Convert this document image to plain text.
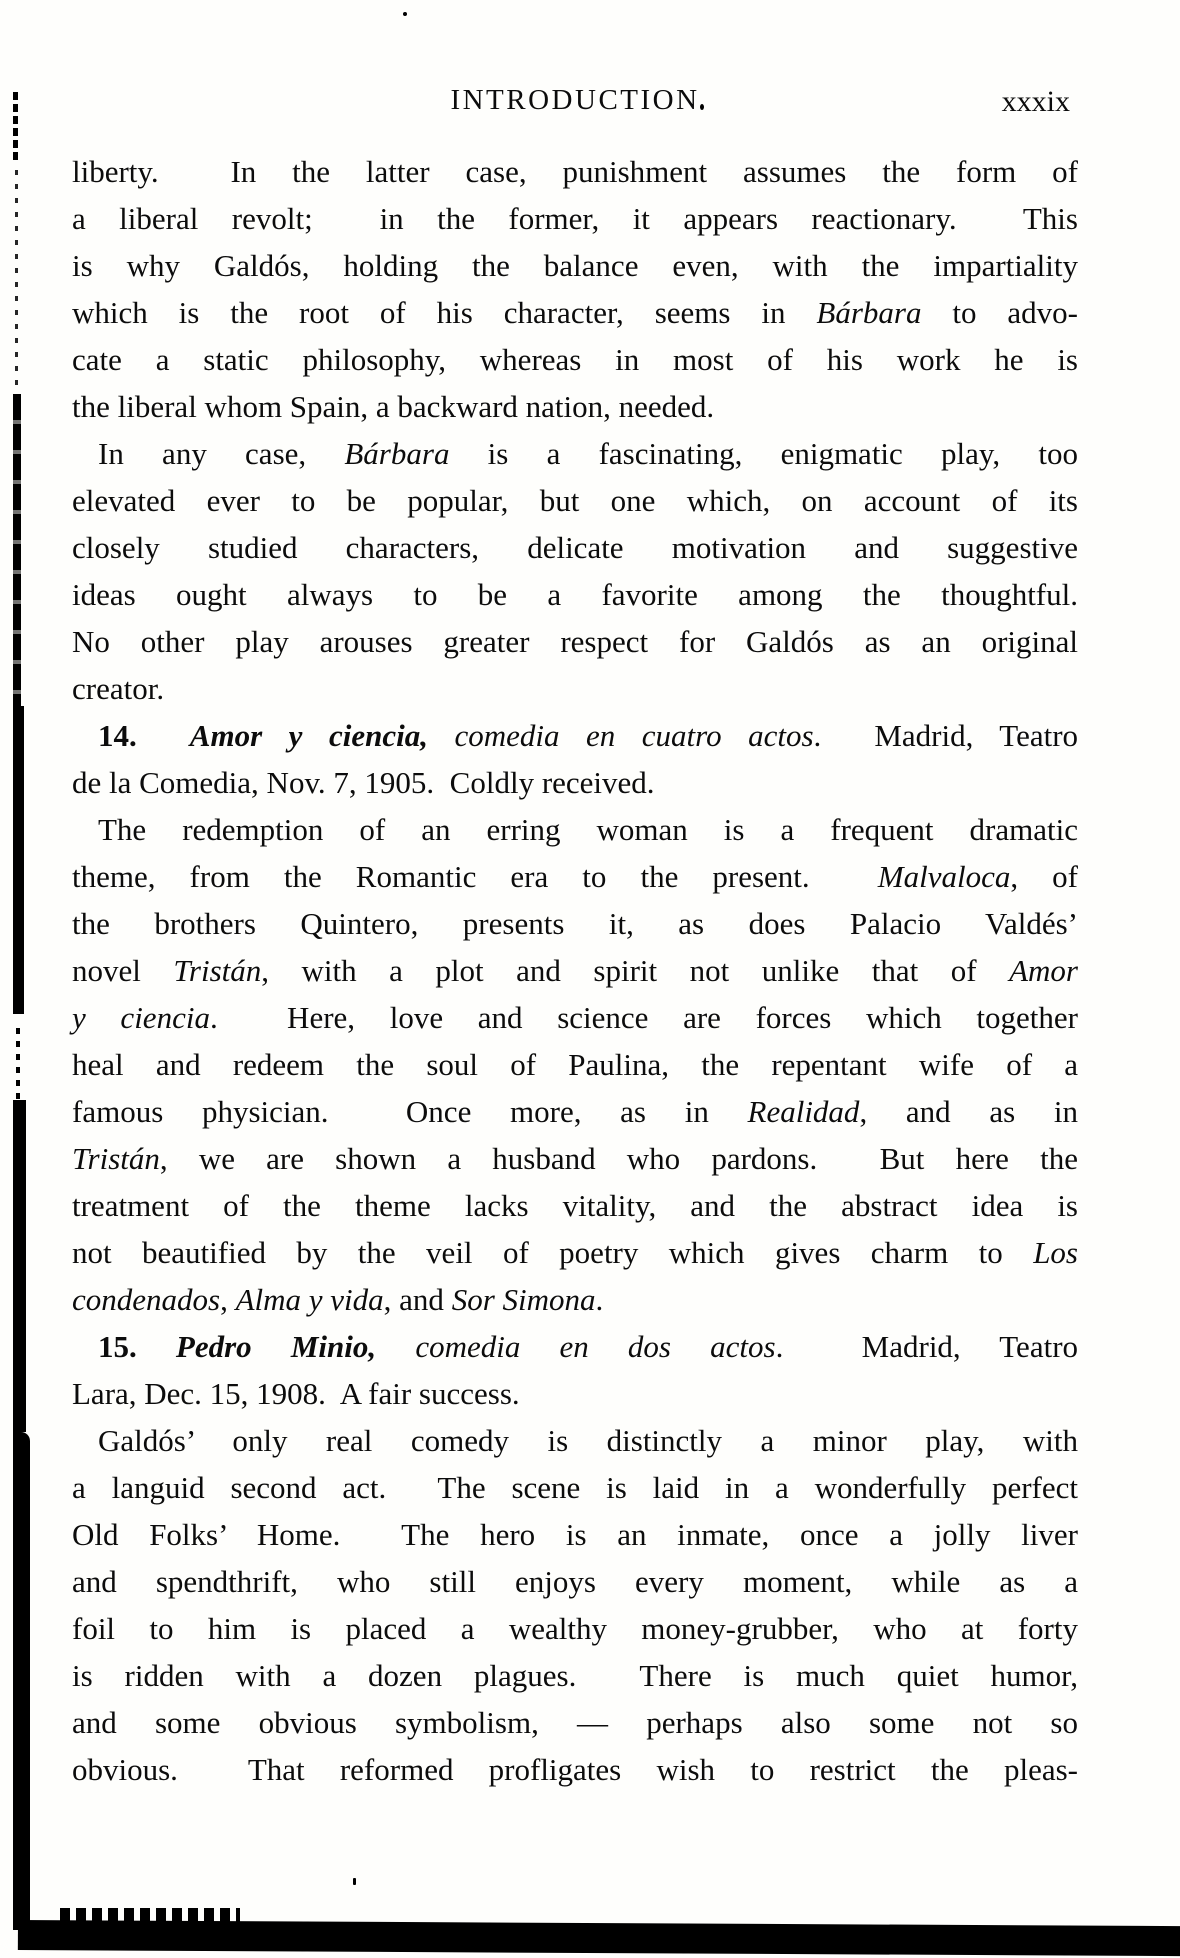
INTRODUCTION	xxxix
liberty.  In the latter case, punishment assumes the form of
a liberal revolt;  in the former, it appears reactionary.  This
is why Galdós, holding the balance even, with the impartiality
which is the root of his character, seems in Bárbara to advo-
cate a static philosophy, whereas in most of his work he is
the liberal whom Spain, a backward nation, needed.
In any case, Bárbara is a fascinating, enigmatic play, too
elevated ever to be popular, but one which, on account of its
closely studied characters, delicate motivation and suggestive
ideas ought always to be a favorite among the thoughtful.
No other play arouses greater respect for Galdós as an original
creator.
14. Amor y ciencia, comedia en cuatro actos.  Madrid, Teatro
de la Comedia, Nov. 7, 1905.  Coldly received.
The redemption of an erring woman is a frequent dramatic
theme, from the Romantic era to the present.  Malvaloca, of
the brothers Quintero, presents it, as does Palacio Valdés’
novel Tristán, with a plot and spirit not unlike that of Amor
y ciencia.  Here, love and science are forces which together
heal and redeem the soul of Paulina, the repentant wife of a
famous physician.  Once more, as in Realidad, and as in
Tristán, we are shown a husband who pardons.  But here the
treatment of the theme lacks vitality, and the abstract idea is
not beautified by the veil of poetry which gives charm to Los
condenados, Alma y vida, and Sor Simona.
15. Pedro Minio, comedia en dos actos.  Madrid, Teatro
Lara, Dec. 15, 1908.  A fair success.
Galdós’ only real comedy is distinctly a minor play, with
a languid second act.  The scene is laid in a wonderfully perfect
Old Folks’ Home.  The hero is an inmate, once a jolly liver
and spendthrift, who still enjoys every moment, while as a
foil to him is placed a wealthy money-grubber, who at forty
is ridden with a dozen plagues.  There is much quiet humor,
and some obvious symbolism, — perhaps also some not so
obvious.  That reformed profligates wish to restrict the pleas-
